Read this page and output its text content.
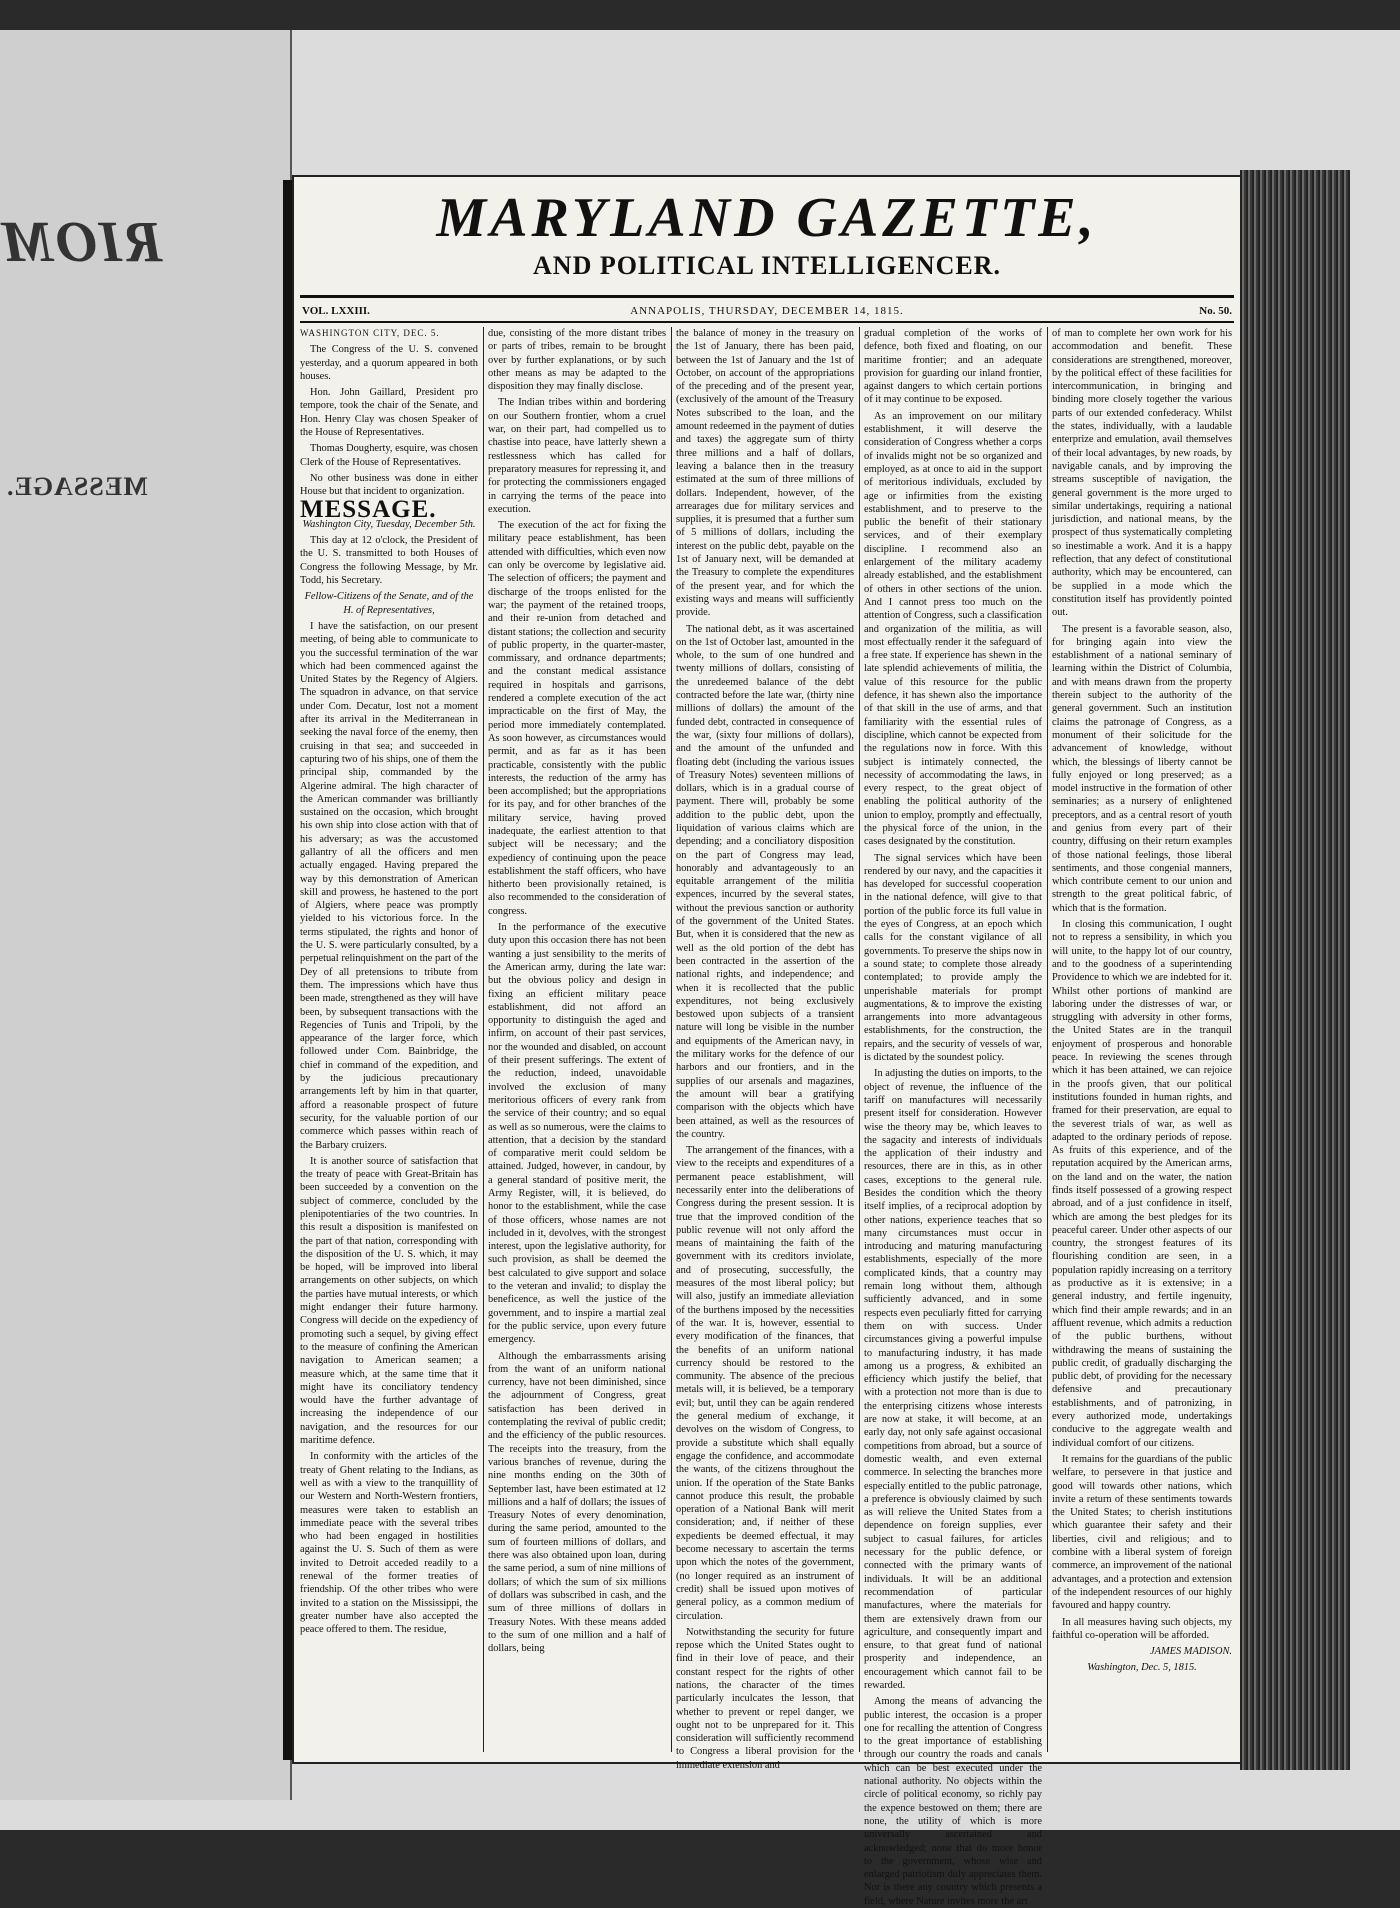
RIOM
MESSAGE.
MARYLAND GAZETTE,
AND POLITICAL INTELLIGENCER.
VOL. LXXIII.	ANNAPOLIS, THURSDAY, DECEMBER 14, 1815.	No. 50.

WASHINGTON CITY, DEC. 5.

The Congress of the U. S. convened yesterday, and a quorum appeared in both houses.

Hon. John Gaillard, President pro tempore, took the chair of the Senate, and Hon. Henry Clay was chosen Speaker of the House of Representatives.

Thomas Dougherty, esquire, was chosen Clerk of the House of Representatives.

No other business was done in either House but that incident to organization.

MESSAGE.

Washington City, Tuesday, December 5th.

This day at 12 o'clock, the President of the U. S. transmitted to both Houses of Congress the following Message, by Mr. Todd, his Secretary.

Fellow-Citizens of the Senate, and of the H. of Representatives,

I have the satisfaction, on our present meeting, of being able to communicate to you the successful termination of the war which had been commenced against the United States by the Regency of Algiers. The squadron in advance, on that service under Com. Decatur, lost not a moment after its arrival in the Mediterranean in seeking the naval force of the enemy, then cruising in that sea; and succeeded in capturing two of his ships, one of them the principal ship, commanded by the Algerine admiral. The high character of the American commander was brilliantly sustained on the occasion, which brought his own ship into close action with that of his adversary; as was the accustomed gallantry of all the officers and men actually engaged. Having prepared the way by this demonstration of American skill and prowess, he hastened to the port of Algiers, where peace was promptly yielded to his victorious force. In the terms stipulated, the rights and honor of the U. S. were particularly consulted, by a perpetual relinquishment on the part of the Dey of all pretensions to tribute from them. The impressions which have thus been made, strengthened as they will have been, by subsequent transactions with the Regencies of Tunis and Tripoli, by the appearance of the larger force, which followed under Com. Bainbridge, the chief in command of the expedition, and by the judicious precautionary arrangements left by him in that quarter, afford a reasonable prospect of future security, for the valuable portion of our commerce which passes within reach of the Barbary cruizers.

It is another source of satisfaction that the treaty of peace with Great-Britain has been succeeded by a convention on the subject of commerce, concluded by the plenipotentiaries of the two countries. In this result a disposition is manifested on the part of that nation, corresponding with the disposition of the U. S. which, it may be hoped, will be improved into liberal arrangements on other subjects, on which the parties have mutual interests, or which might endanger their future harmony. Congress will decide on the expediency of promoting such a sequel, by giving effect to the measure of confining the American navigation to American seamen; a measure which, at the same time that it might have its conciliatory tendency would have the further advantage of increasing the independence of our navigation, and the resources for our maritime defence.

In conformity with the articles of the treaty of Ghent relating to the Indians, as well as with a view to the tranquillity of our Western and North-Western frontiers, measures were taken to establish an immediate peace with the several tribes who had been engaged in hostilities against the U. S. Such of them as were invited to Detroit acceded readily to a renewal of the former treaties of friendship. Of the other tribes who were invited to a station on the Mississippi, the greater number have also accepted the peace offered to them. The residue,

due, consisting of the more distant tribes or parts of tribes, remain to be brought over by further explanations, or by such other means as may be adapted to the disposition they may finally disclose.

The Indian tribes within and bordering on our Southern frontier, whom a cruel war, on their part, had compelled us to chastise into peace, have latterly shewn a restlessness which has called for preparatory measures for repressing it, and for protecting the commissioners engaged in carrying the terms of the peace into execution.

The execution of the act for fixing the military peace establishment, has been attended with difficulties, which even now can only be overcome by legislative aid. The selection of officers; the payment and discharge of the troops enlisted for the war; the payment of the retained troops, and their re-union from detached and distant stations; the collection and security of public property, in the quarter-master, commissary, and ordnance departments; and the constant medical assistance required in hospitals and garrisons, rendered a complete execution of the act impracticable on the first of May, the period more immediately contemplated. As soon however, as circumstances would permit, and as far as it has been practicable, consistently with the public interests, the reduction of the army has been accomplished; but the appropriations for its pay, and for other branches of the military service, having proved inadequate, the earliest attention to that subject will be necessary; and the expediency of continuing upon the peace establishment the staff officers, who have hitherto been provisionally retained, is also recommended to the consideration of congress.

In the performance of the executive duty upon this occasion there has not been wanting a just sensibility to the merits of the American army, during the late war: but the obvious policy and design in fixing an efficient military peace establishment, did not afford an opportunity to distinguish the aged and infirm, on account of their past services, nor the wounded and disabled, on account of their present sufferings. The extent of the reduction, indeed, unavoidable involved the exclusion of many meritorious officers of every rank from the service of their country; and so equal as well as so numerous, were the claims to attention, that a decision by the standard of comparative merit could seldom be attained. Judged, however, in candour, by a general standard of positive merit, the Army Register, will, it is believed, do honor to the establishment, while the case of those officers, whose names are not included in it, devolves, with the strongest interest, upon the legislative authority, for such provision, as shall be deemed the best calculated to give support and solace to the veteran and invalid; to display the beneficence, as well the justice of the government, and to inspire a martial zeal for the public service, upon every future emergency.

Although the embarrassments arising from the want of an uniform national currency, have not been diminished, since the adjournment of Congress, great satisfaction has been derived in contemplating the revival of public credit; and the efficiency of the public resources. The receipts into the treasury, from the various branches of revenue, during the nine months ending on the 30th of September last, have been estimated at 12 millions and a half of dollars; the issues of Treasury Notes of every denomination, during the same period, amounted to the sum of fourteen millions of dollars, and there was also obtained upon loan, during the same period, a sum of nine millions of dollars; of which the sum of six millions of dollars was subscribed in cash, and the sum of three millions of dollars in Treasury Notes. With these means added to the sum of one million and a half of dollars, being

the balance of money in the treasury on the 1st of January, there has been paid, between the 1st of January and the 1st of October, on account of the appropriations of the preceding and of the present year, (exclusively of the amount of the Treasury Notes subscribed to the loan, and the amount redeemed in the payment of duties and taxes) the aggregate sum of thirty three millions and a half of dollars, leaving a balance then in the treasury estimated at the sum of three millions of dollars. Independent, however, of the arrearages due for military services and supplies, it is presumed that a further sum of 5 millions of dollars, including the interest on the public debt, payable on the 1st of January next, will be demanded at the Treasury to complete the expenditures of the present year, and for which the existing ways and means will sufficiently provide.

The national debt, as it was ascertained on the 1st of October last, amounted in the whole, to the sum of one hundred and twenty millions of dollars, consisting of the unredeemed balance of the debt contracted before the late war, (thirty nine millions of dollars) the amount of the funded debt, contracted in consequence of the war, (sixty four millions of dollars), and the amount of the unfunded and floating debt (including the various issues of Treasury Notes) seventeen millions of dollars, which is in a gradual course of payment. There will, probably be some addition to the public debt, upon the liquidation of various claims which are depending; and a conciliatory disposition on the part of Congress may lead, honorably and advantageously to an equitable arrangement of the militia expences, incurred by the several states, without the previous sanction or authority of the government of the United States. But, when it is considered that the new as well as the old portion of the debt has been contracted in the assertion of the national rights, and independence; and when it is recollected that the public expenditures, not being exclusively bestowed upon subjects of a transient nature will long be visible in the number and equipments of the American navy, in the military works for the defence of our harbors and our frontiers, and in the supplies of our arsenals and magazines, the amount will bear a gratifying comparison with the objects which have been attained, as well as the resources of the country.

The arrangement of the finances, with a view to the receipts and expenditures of a permanent peace establishment, will necessarily enter into the deliberations of Congress during the present session. It is true that the improved condition of the public revenue will not only afford the means of maintaining the faith of the government with its creditors inviolate, and of prosecuting, successfully, the measures of the most liberal policy; but will also, justify an immediate alleviation of the burthens imposed by the necessities of the war. It is, however, essential to every modification of the finances, that the benefits of an uniform national currency should be restored to the community. The absence of the precious metals will, it is believed, be a temporary evil; but, until they can be again rendered the general medium of exchange, it devolves on the wisdom of Congress, to provide a substitute which shall equally engage the confidence, and accommodate the wants, of the citizens throughout the union. If the operation of the State Banks cannot produce this result, the probable operation of a National Bank will merit consideration; and, if neither of these expedients be deemed effectual, it may become necessary to ascertain the terms upon which the notes of the government, (no longer required as an instrument of credit) shall be issued upon motives of general policy, as a common medium of circulation.

Notwithstanding the security for future repose which the United States ought to find in their love of peace, and their constant respect for the rights of other nations, the character of the times particularly inculcates the lesson, that whether to prevent or repel danger, we ought not to be unprepared for it. This consideration will sufficiently recommend to Congress a liberal provision for the immediate extension and

gradual completion of the works of defence, both fixed and floating, on our maritime frontier; and an adequate provision for guarding our inland frontier, against dangers to which certain portions of it may continue to be exposed.

As an improvement on our military establishment, it will deserve the consideration of Congress whether a corps of invalids might not be so organized and employed, as at once to aid in the support of meritorious individuals, excluded by age or infirmities from the existing establishment, and to preserve to the public the benefit of their stationary services, and of their exemplary discipline. I recommend also an enlargement of the military academy already established, and the establishment of others in other sections of the union. And I cannot press too much on the attention of Congress, such a classification and organization of the militia, as will most effectually render it the safeguard of a free state. If experience has shewn in the late splendid achievements of militia, the value of this resource for the public defence, it has shewn also the importance of that skill in the use of arms, and that familiarity with the essential rules of discipline, which cannot be expected from the regulations now in force. With this subject is intimately connected, the necessity of accommodating the laws, in every respect, to the great object of enabling the political authority of the union to employ, promptly and effectually, the physical force of the union, in the cases designated by the constitution.

The signal services which have been rendered by our navy, and the capacities it has developed for successful cooperation in the national defence, will give to that portion of the public force its full value in the eyes of Congress, at an epoch which calls for the constant vigilance of all governments. To preserve the ships now in a sound state; to complete those already contemplated; to provide amply the unperishable materials for prompt augmentations, & to improve the existing arrangements into more advantageous establishments, for the construction, the repairs, and the security of vessels of war, is dictated by the soundest policy.

In adjusting the duties on imports, to the object of revenue, the influence of the tariff on manufactures will necessarily present itself for consideration. However wise the theory may be, which leaves to the sagacity and interests of individuals the application of their industry and resources, there are in this, as in other cases, exceptions to the general rule. Besides the condition which the theory itself implies, of a reciprocal adoption by other nations, experience teaches that so many circumstances must occur in introducing and maturing manufacturing establishments, especially of the more complicated kinds, that a country may remain long without them, although sufficiently advanced, and in some respects even peculiarly fitted for carrying them on with success. Under circumstances giving a powerful impulse to manufacturing industry, it has made among us a progress, & exhibited an efficiency which justify the belief, that with a protection not more than is due to the enterprising citizens whose interests are now at stake, it will become, at an early day, not only safe against occasional competitions from abroad, but a source of domestic wealth, and even external commerce. In selecting the branches more especially entitled to the public patronage, a preference is obviously claimed by such as will relieve the United States from a dependence on foreign supplies, ever subject to casual failures, for articles necessary for the public defence, or connected with the primary wants of individuals. It will be an additional recommendation of particular manufactures, where the materials for them are extensively drawn from our agriculture, and consequently impart and ensure, to that great fund of national prosperity and independence, an encouragement which cannot fail to be rewarded.

Among the means of advancing the public interest, the occasion is a proper one for recalling the attention of Congress to the great importance of establishing through our country the roads and canals which can be best executed under the national authority. No objects within the circle of political economy, so richly pay the expence bestowed on them; there are none, the utility of which is more universally ascertained and acknowledged; none that do more honor to the government, whose wise and enlarged patriotism duly appreciates them. Nor is there any country which presents a field, where Nature invites more the art

of man to complete her own work for his accommodation and benefit. These considerations are strengthened, moreover, by the political effect of these facilities for intercommunication, in bringing and binding more closely together the various parts of our extended confederacy. Whilst the states, individually, with a laudable enterprize and emulation, avail themselves of their local advantages, by new roads, by navigable canals, and by improving the streams susceptible of navigation, the general government is the more urged to similar undertakings, requiring a national jurisdiction, and national means, by the prospect of thus systematically completing so inestimable a work. And it is a happy reflection, that any defect of constitutional authority, which may be encountered, can be supplied in a mode which the constitution itself has providently pointed out.

The present is a favorable season, also, for bringing again into view the establishment of a national seminary of learning within the District of Columbia, and with means drawn from the property therein subject to the authority of the general government. Such an institution claims the patronage of Congress, as a monument of their solicitude for the advancement of knowledge, without which, the blessings of liberty cannot be fully enjoyed or long preserved; as a model instructive in the formation of other seminaries; as a nursery of enlightened preceptors, and as a central resort of youth and genius from every part of their country, diffusing on their return examples of those national feelings, those liberal sentiments, and those congenial manners, which contribute cement to our union and strength to the great political fabric, of which that is the formation.

In closing this communication, I ought not to repress a sensibility, in which you will unite, to the happy lot of our country, and to the goodness of a superintending Providence to which we are indebted for it. Whilst other portions of mankind are laboring under the distresses of war, or struggling with adversity in other forms, the United States are in the tranquil enjoyment of prosperous and honorable peace. In reviewing the scenes through which it has been attained, we can rejoice in the proofs given, that our political institutions founded in human rights, and framed for their preservation, are equal to the severest trials of war, as well as adapted to the ordinary periods of repose. As fruits of this experience, and of the reputation acquired by the American arms, on the land and on the water, the nation finds itself possessed of a growing respect abroad, and of a just confidence in itself, which are among the best pledges for its peaceful career. Under other aspects of our country, the strongest features of its flourishing condition are seen, in a population rapidly increasing on a territory as productive as it is extensive; in a general industry, and fertile ingenuity, which find their ample rewards; and in an affluent revenue, which admits a reduction of the public burthens, without withdrawing the means of sustaining the public credit, of gradually discharging the public debt, of providing for the necessary defensive and precautionary establishments, and of patronizing, in every authorized mode, undertakings conducive to the aggregate wealth and individual comfort of our citizens.

It remains for the guardians of the public welfare, to persevere in that justice and good will towards other nations, which invite a return of these sentiments towards the United States; to cherish institutions which guarantee their safety and their liberties, civil and religious; and to combine with a liberal system of foreign commerce, an improvement of the national advantages, and a protection and extension of the independent resources of our highly favoured and happy country.

In all measures having such objects, my faithful co-operation will be afforded.

JAMES MADISON.

Washington, Dec. 5, 1815.
